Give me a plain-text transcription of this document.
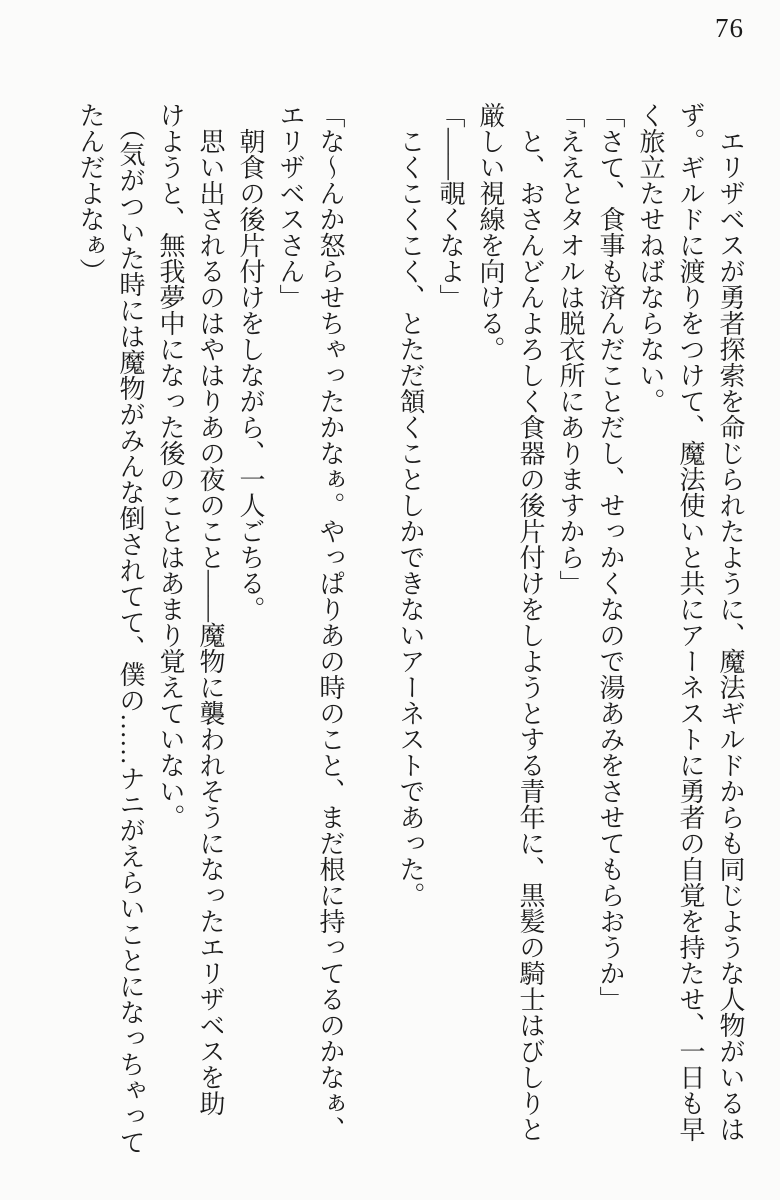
76
　エリザベスが勇者探索を命じられたように、魔法ギルドからも同じような人物がいるは
ず。ギルドに渡りをつけて、魔法使いと共にアーネストに勇者の自覚を持たせ、一日も早
く旅立たせねばならない。
「さて、食事も済んだことだし、せっかくなので湯あみをさせてもらおうか」
「ええとタオルは脱衣所にありますから」
　と、おさんどんよろしく食器の後片付けをしようとする青年に、黒髪の騎士はびしりと
厳しい視線を向ける。
「――覗くなよ」
　こくこくこく、とただ頷くことしかできないアーネストであった。
「な〜んか怒らせちゃったかなぁ。やっぱりあの時のこと、まだ根に持ってるのかなぁ、
エリザベスさん」
　朝食の後片付けをしながら、一人ごちる。
　思い出されるのはやはりあの夜のこと――魔物に襲われそうになったエリザベスを助
けようと、無我夢中になった後のことはあまり覚えていない。
　（気がついた時には魔物がみんな倒されてて、僕の……ナニがえらいことになっちゃって
たんだよなぁ）
